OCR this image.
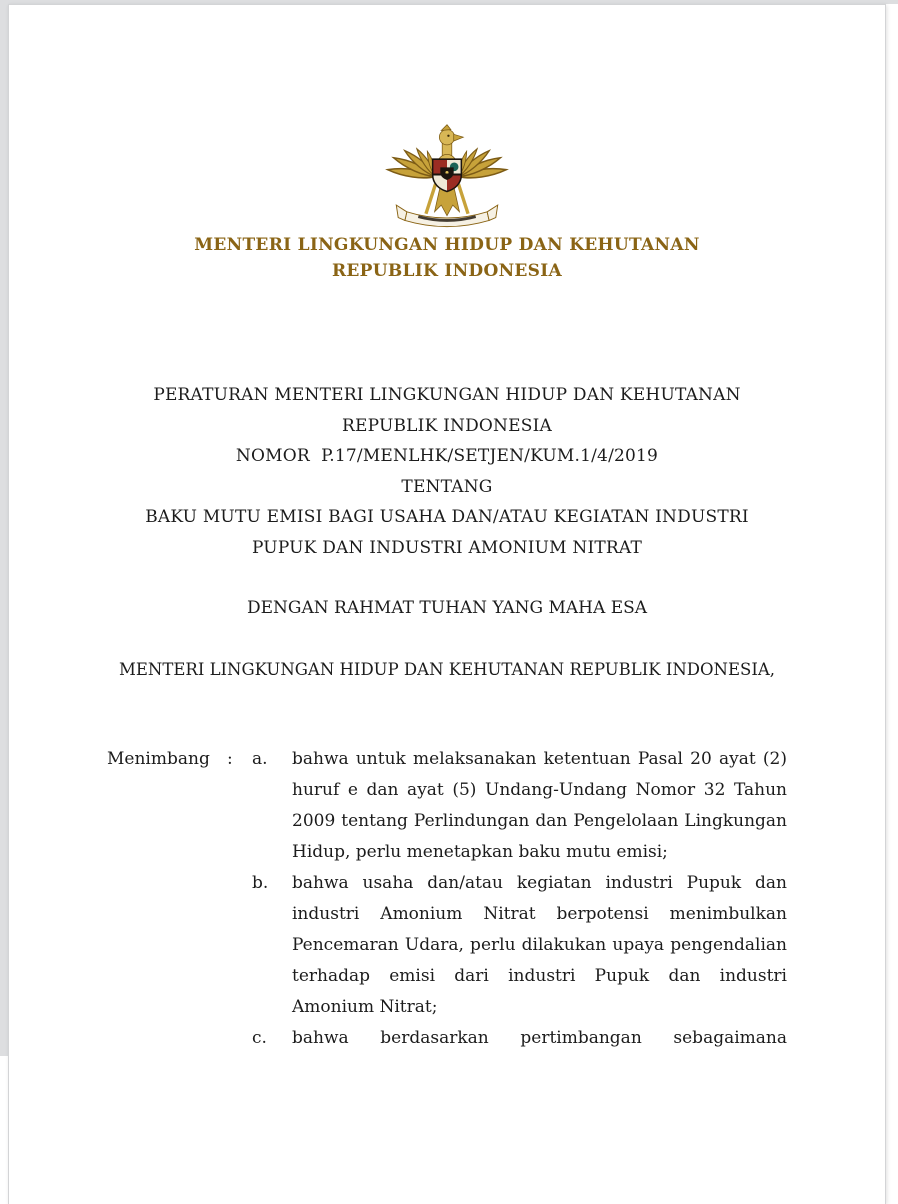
MENTERI LINGKUNGAN HIDUP DAN KEHUTANAN
REPUBLIK INDONESIA
PERATURAN MENTERI LINGKUNGAN HIDUP DAN KEHUTANAN
REPUBLIK INDONESIA
NOMOR  P.17/MENLHK/SETJEN/KUM.1/4/2019
TENTANG
BAKU MUTU EMISI BAGI USAHA DAN/ATAU KEGIATAN INDUSTRI
PUPUK DAN INDUSTRI AMONIUM NITRAT
DENGAN RAHMAT TUHAN YANG MAHA ESA
MENTERI LINGKUNGAN HIDUP DAN KEHUTANAN REPUBLIK INDONESIA,
Menimbang	:	a.	bahwa untuk melaksanakan ketentuan Pasal 20 ayat (2) huruf e dan ayat (5) Undang-Undang Nomor 32 Tahun 2009 tentang Perlindungan dan Pengelolaan Lingkungan Hidup, perlu menetapkan baku mutu emisi;
b.	bahwa usaha dan/atau kegiatan industri Pupuk dan industri Amonium Nitrat berpotensi menimbulkan Pencemaran Udara, perlu dilakukan upaya pengendalian terhadap emisi dari industri Pupuk dan industri Amonium Nitrat;
c.	bahwa berdasarkan pertimbangan sebagaimana
